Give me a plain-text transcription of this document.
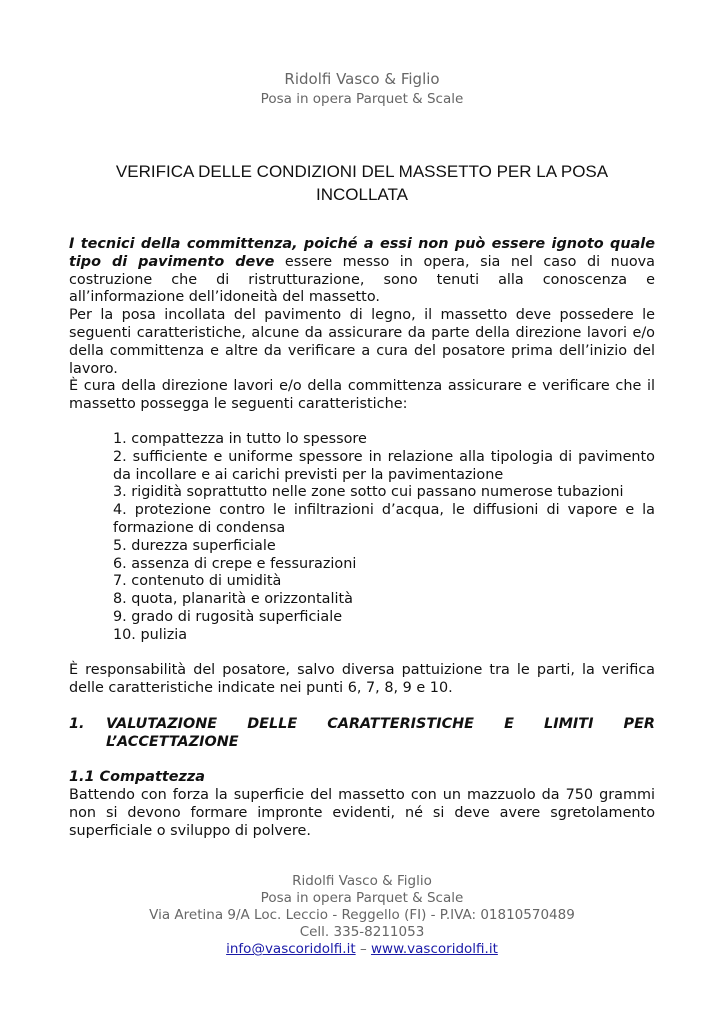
Ridolfi Vasco & Figlio
Posa in opera Parquet & Scale
VERIFICA DELLE CONDIZIONI DEL MASSETTO PER LA POSA
INCOLLATA

I tecnici della committenza, poiché a essi non può essere ignoto quale tipo di pavimento deve essere messo in opera, sia nel caso di nuova costruzione che di ristrutturazione, sono tenuti alla conoscenza e all’informazione dell’idoneità del massetto.

Per la posa incollata del pavimento di legno, il massetto deve possedere le seguenti caratteristiche, alcune da assicurare da parte della direzione lavori e/o della committenza e altre da verificare a cura del posatore prima dell’inizio del lavoro.

È cura della direzione lavori e/o della committenza assicurare e verificare che il massetto possegga le seguenti caratteristiche:

1. compattezza in tutto lo spessore
2. sufficiente e uniforme spessore in relazione alla tipologia di pavimento da incollare e ai carichi previsti per la pavimentazione
3. rigidità soprattutto nelle zone sotto cui passano numerose tubazioni
4. protezione contro le infiltrazioni d’acqua, le diffusioni di vapore e la formazione di condensa
5. durezza superficiale
6. assenza di crepe e fessurazioni
7. contenuto di umidità
8. quota, planarità e orizzontalità
9. grado di rugosità superficiale
10. pulizia

È responsabilità del posatore, salvo diversa pattuizione tra le parti, la verifica delle caratteristiche indicate nei punti 6, 7, 8, 9 e 10.

1.	VALUTAZIONE DELLE CARATTERISTICHE E LIMITI PER
L’ACCETTAZIONE

1.1 Compattezza

Battendo con forza la superficie del massetto con un mazzuolo da 750 grammi non si devono formare impronte evidenti, né si deve avere sgretolamento superficiale o sviluppo di polvere.

Ridolfi Vasco & Figlio
Posa in opera Parquet & Scale
Via Aretina 9/A Loc. Leccio - Reggello (FI) - P.IVA: 01810570489
Cell. 335-8211053
info@vascoridolfi.it – www.vascoridolfi.it
